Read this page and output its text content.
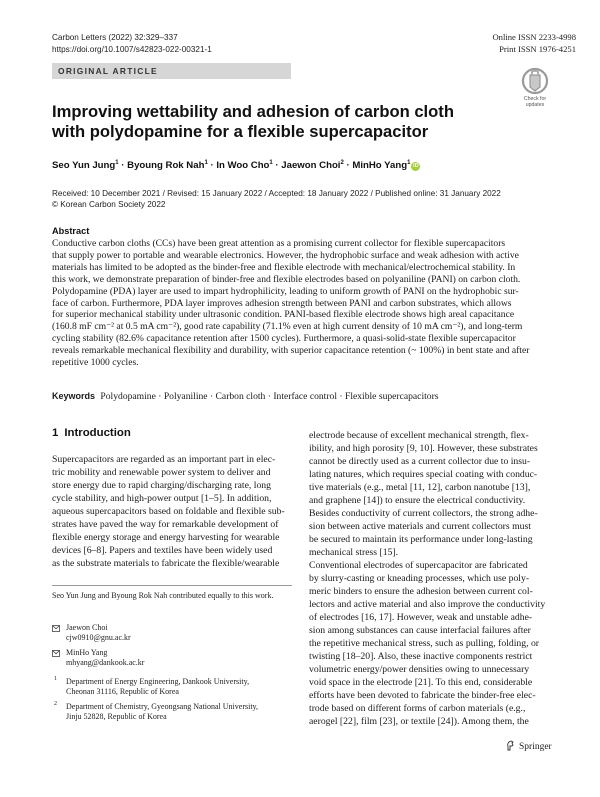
Carbon Letters (2022) 32:329–337
https://doi.org/10.1007/s42823-022-00321-1
Online ISSN 2233-4998
Print ISSN 1976-4251
ORIGINAL ARTICLE
Check for
updates
Improving wettability and adhesion of carbon cloth
with polydopamine for a flexible supercapacitor
Seo Yun Jung$^1$ · Byoung Rok Nah$^1$ · In Woo Cho$^1$ · Jaewon Choi$^2$ · MinHo Yang$^1$iD
Received: 10 December 2021 / Revised: 15 January 2022 / Accepted: 18 January 2022 / Published online: 31 January 2022
© Korean Carbon Society 2022
Abstract
Conductive carbon cloths (CCs) have been great attention as a promising current collector for flexible supercapacitors
that supply power to portable and wearable electronics. However, the hydrophobic surface and weak adhesion with active
materials has limited to be adopted as the binder-free and flexible electrode with mechanical/electrochemical stability. In
this work, we demonstrate preparation of binder-free and flexible electrodes based on polyaniline (PANI) on carbon cloth.
Polydopamine (PDA) layer are used to impart hydrophilicity, leading to uniform growth of PANI on the hydrophobic sur-
face of carbon. Furthermore, PDA layer improves adhesion strength between PANI and carbon substrates, which allows
for superior mechanical stability under ultrasonic condition. PANI-based flexible electrode shows high areal capacitance
(160.8 mF cm⁻² at 0.5 mA cm⁻²), good rate capability (71.1% even at high current density of 10 mA cm⁻²), and long-term
cycling stability (82.6% capacitance retention after 1500 cycles). Furthermore, a quasi-solid-state flexible supercapacitor
reveals remarkable mechanical flexibility and durability, with superior capacitance retention (~ 100%) in bent state and after
repetitive 1000 cycles.
Keywords Polydopamine · Polyaniline · Carbon cloth · Interface control · Flexible supercapacitors
1 Introduction
Supercapacitors are regarded as an important part in elec-
tric mobility and renewable power system to deliver and
store energy due to rapid charging/discharging rate, long
cycle stability, and high-power output [1–5]. In addition,
aqueous supercapacitors based on foldable and flexible sub-
strates have paved the way for remarkable development of
flexible energy storage and energy harvesting for wearable
devices [6–8]. Papers and textiles have been widely used
as the substrate materials to fabricate the flexible/wearable
electrode because of excellent mechanical strength, flex-
ibility, and high porosity [9, 10]. However, these substrates
cannot be directly used as a current collector due to insu-
lating natures, which requires special coating with conduc-
tive materials (e.g., metal [11, 12], carbon nanotube [13],
and graphene [14]) to ensure the electrical conductivity.
Besides conductivity of current collectors, the strong adhe-
sion between active materials and current collectors must
be secured to maintain its performance under long-lasting
mechanical stress [15].
Conventional electrodes of supercapacitor are fabricated
by slurry-casting or kneading processes, which use poly-
meric binders to ensure the adhesion between current col-
lectors and active material and also improve the conductivity
of electrodes [16, 17]. However, weak and unstable adhe-
sion among substances can cause interfacial failures after
the repetitive mechanical stress, such as pulling, folding, or
twisting [18–20]. Also, these inactive components restrict
volumetric energy/power densities owing to unnecessary
void space in the electrode [21]. To this end, considerable
efforts have been devoted to fabricate the binder-free elec-
trode based on different forms of carbon materials (e.g.,
aerogel [22], film [23], or textile [24]). Among them, the
Seo Yun Jung and Byoung Rok Nah contributed equally to this work.
Jaewon Choi
cjw0910@gnu.ac.kr
MinHo Yang
mhyang@dankook.ac.kr
1 Department of Energy Engineering, Dankook University,
Cheonan 31116, Republic of Korea
2 Department of Chemistry, Gyeongsang National University,
Jinju 52828, Republic of Korea
Springer
